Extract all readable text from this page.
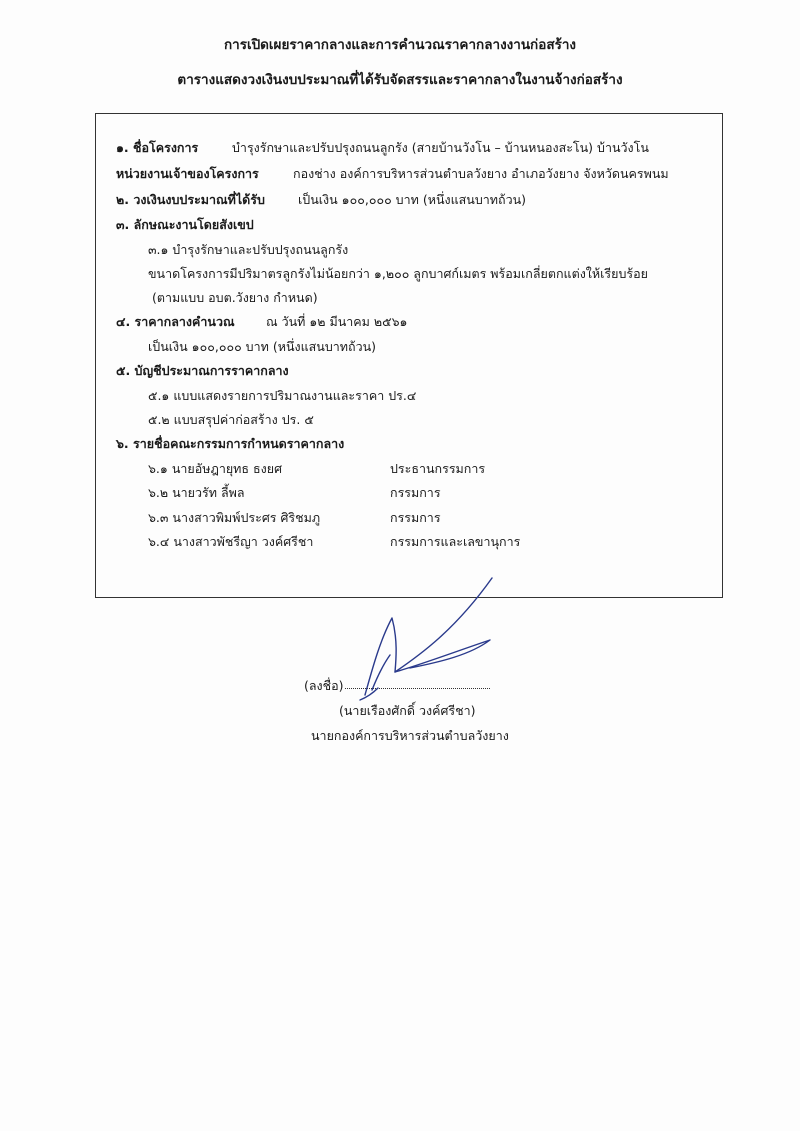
การเปิดเผยราคากลางและการคำนวณราคากลางงานก่อสร้าง
ตารางแสดงวงเงินงบประมาณที่ได้รับจัดสรรและราคากลางในงานจ้างก่อสร้าง
๑. ชื่อโครงการ	บำรุงรักษาและปรับปรุงถนนลูกรัง (สายบ้านวังโน – บ้านหนองสะโน) บ้านวังโน
หน่วยงานเจ้าของโครงการ	กองช่าง องค์การบริหารส่วนตำบลวังยาง อำเภอวังยาง จังหวัดนครพนม
๒. วงเงินงบประมาณที่ได้รับ	เป็นเงิน ๑๐๐,๐๐๐ บาท (หนึ่งแสนบาทถ้วน)
๓. ลักษณะงานโดยสังเขป
๓.๑ บำรุงรักษาและปรับปรุงถนนลูกรัง
ขนาดโครงการมีปริมาตรลูกรังไม่น้อยกว่า ๑,๒๐๐ ลูกบาศก์เมตร พร้อมเกลี่ยตกแต่งให้เรียบร้อย
(ตามแบบ อบต.วังยาง กำหนด)
๔. ราคากลางคำนวณ	ณ วันที่ ๑๒ มีนาคม ๒๕๖๑
เป็นเงิน ๑๐๐,๐๐๐ บาท (หนึ่งแสนบาทถ้วน)
๕. บัญชีประมาณการราคากลาง
๕.๑ แบบแสดงรายการปริมาณงานและราคา ปร.๔
๕.๒ แบบสรุปค่าก่อสร้าง ปร. ๕
๖. รายชื่อคณะกรรมการกำหนดราคากลาง
๖.๑ นายอัษฎายุทธ ธงยศ	ประธานกรรมการ
๖.๒ นายวรัท ลี้พล	กรรมการ
๖.๓ นางสาวพิมพ์ประศร ศิริชมภู	กรรมการ
๖.๔ นางสาวพัชรีญา วงค์ศรีชา	กรรมการและเลขานุการ
(ลงชื่อ)
(นายเรืองศักดิ์ วงค์ศรีชา)
นายกองค์การบริหารส่วนตำบลวังยาง
